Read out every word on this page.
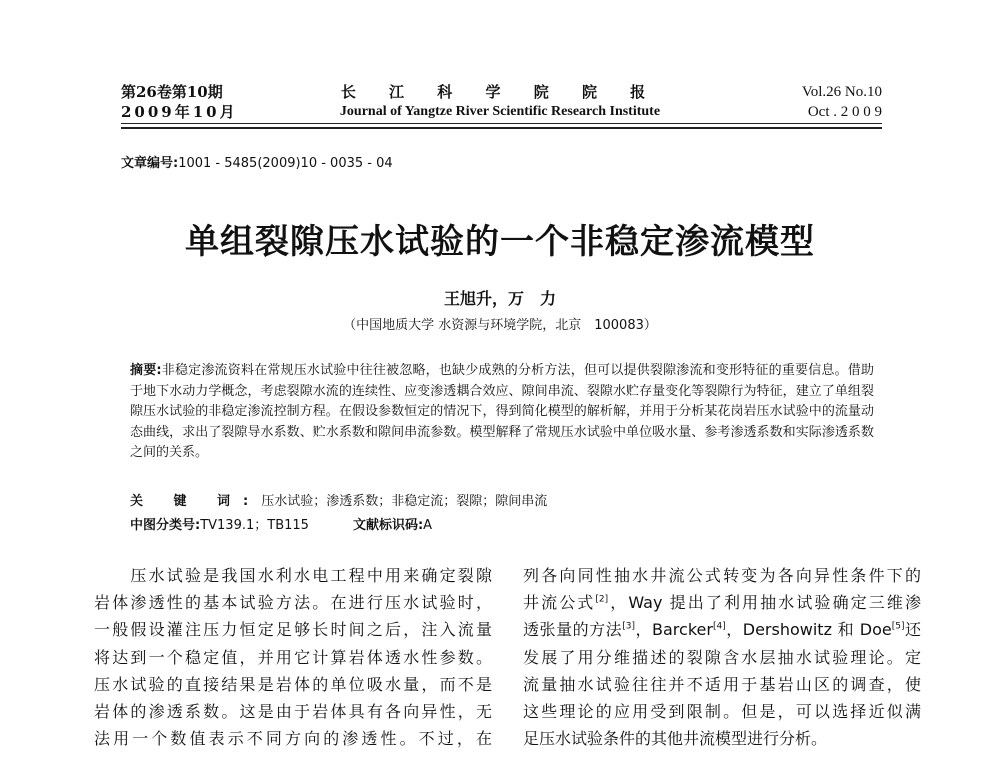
第26卷第10期
2009年10月
长 江 科 学 院 院 报
Journal of Yangtze River Scientific Research Institute
Vol.26 No.10
Oct . 2 0 0 9
文章编号:1001 - 5485(2009)10 - 0035 - 04
单组裂隙压水试验的一个非稳定渗流模型
王旭升，万　力
（中国地质大学 水资源与环境学院，北京　100083）
摘要:非稳定渗流资料在常规压水试验中往往被忽略，也缺少成熟的分析方法，但可以提供裂隙渗流和变形特征的重要信息。借助于地下水动力学概念，考虑裂隙水流的连续性、应变渗透耦合效应、隙间串流、裂隙水贮存量变化等裂隙行为特征，建立了单组裂隙压水试验的非稳定渗流控制方程。在假设参数恒定的情况下，得到简化模型的解析解，并用于分析某花岗岩压水试验中的流量动态曲线，求出了裂隙导水系数、贮水系数和隙间串流参数。模型解释了常规压水试验中单位吸水量、参考渗透系数和实际渗透系数之间的关系。
关 键 词:压水试验；渗透系数；非稳定流；裂隙；隙间串流
中图分类号:TV139.1；TB115	文献标识码:A
　　压水试验是我国水利水电工程中用来确定裂隙
岩体渗透性的基本试验方法。在进行压水试验时，
一般假设灌注压力恒定足够长时间之后，注入流量
将达到一个稳定值，并用它计算岩体透水性参数。
压水试验的直接结果是岩体的单位吸水量，而不是
岩体的渗透系数。这是由于岩体具有各向异性，无
法用一个数值表示不同方向的渗透性。不过，在
列各向同性抽水井流公式转变为各向异性条件下的
井流公式[2]，Way 提出了利用抽水试验确定三维渗
透张量的方法[3]，Barcker[4]，Dershowitz 和 Doe[5]还
发展了用分维描述的裂隙含水层抽水试验理论。定
流量抽水试验往往并不适用于基岩山区的调查，使
这些理论的应用受到限制。但是，可以选择近似满
足压水试验条件的其他井流模型进行分析。
